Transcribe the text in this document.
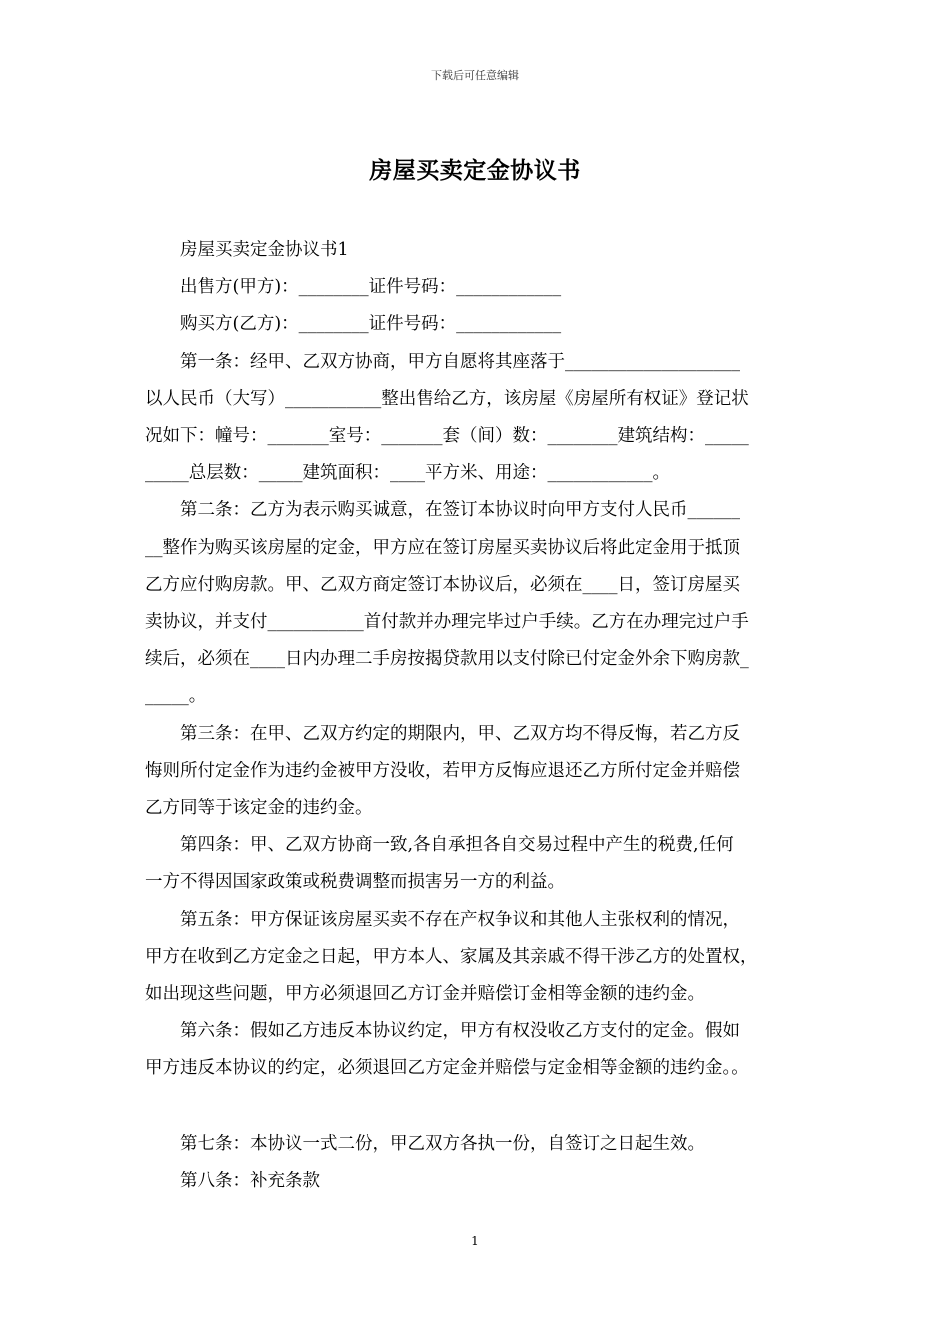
下载后可任意编辑
房屋买卖定金协议书
房屋买卖定金协议书1
出售方(甲方)：________证件号码：____________
购买方(乙方)：________证件号码：____________
第一条：经甲、乙双方协商，甲方自愿将其座落于____________________
以人民币（大写）___________整出售给乙方，该房屋《房屋所有权证》登记状
况如下：幢号：_______室号：_______套（间）数：________建筑结构：_____
_____总层数：_____建筑面积：____平方米、用途：____________。
第二条：乙方为表示购买诚意，在签订本协议时向甲方支付人民币______
__整作为购买该房屋的定金，甲方应在签订房屋买卖协议后将此定金用于抵顶
乙方应付购房款。甲、乙双方商定签订本协议后，必须在____日，签订房屋买
卖协议，并支付___________首付款并办理完毕过户手续。乙方在办理完过户手
续后，必须在____日内办理二手房按揭贷款用以支付除已付定金外余下购房款_
_____。
第三条：在甲、乙双方约定的期限内，甲、乙双方均不得反悔，若乙方反
悔则所付定金作为违约金被甲方没收，若甲方反悔应退还乙方所付定金并赔偿
乙方同等于该定金的违约金。
第四条：甲、乙双方协商一致,各自承担各自交易过程中产生的税费,任何
一方不得因国家政策或税费调整而损害另一方的利益。
第五条：甲方保证该房屋买卖不存在产权争议和其他人主张权利的情况，
甲方在收到乙方定金之日起，甲方本人、家属及其亲戚不得干涉乙方的处置权，
如出现这些问题，甲方必须退回乙方订金并赔偿订金相等金额的违约金。
第六条：假如乙方违反本协议约定，甲方有权没收乙方支付的定金。假如
甲方违反本协议的约定，必须退回乙方定金并赔偿与定金相等金额的违约金。。
第七条：本协议一式二份，甲乙双方各执一份，自签订之日起生效。
第八条：补充条款
1
